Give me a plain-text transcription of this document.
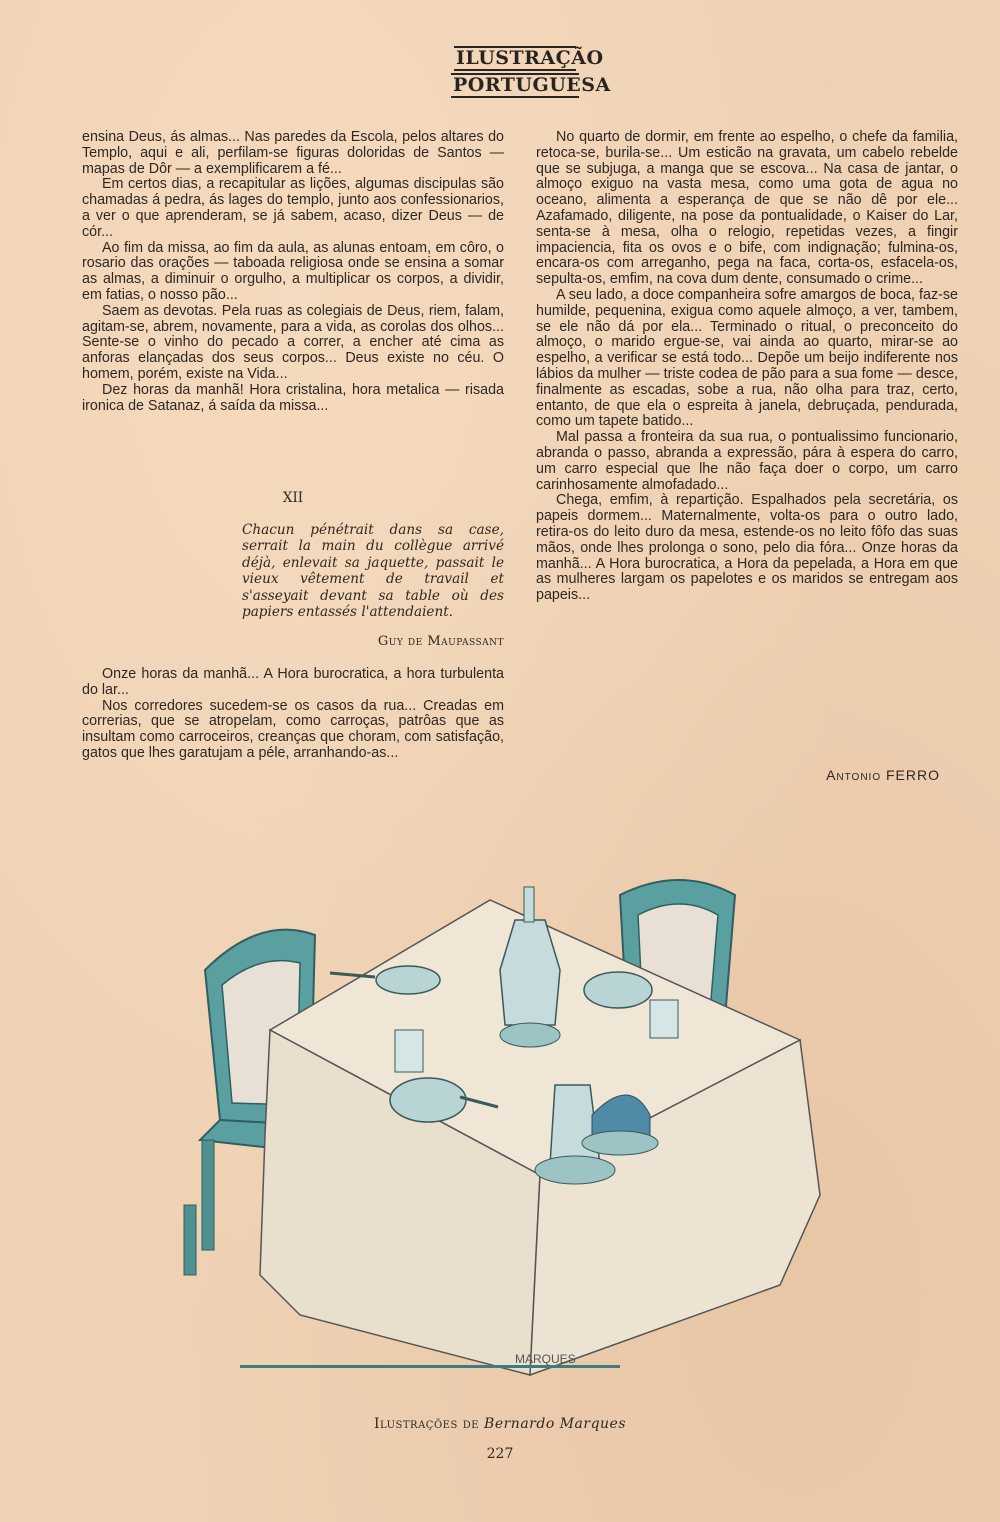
ILUSTRAÇÃO
PORTUGUESA

ensina Deus, ás almas... Nas paredes da Escola, pelos altares do Templo, aqui e ali, perfilam-se figuras doloridas de Santos — mapas de Dôr — a exemplificarem a fé...

Em certos dias, a recapitular as lições, algumas discipulas são chamadas á pedra, ás lages do templo, junto aos confessionarios, a ver o que aprenderam, se já sabem, acaso, dizer Deus — de cór...

Ao fim da missa, ao fim da aula, as alunas entoam, em côro, o rosario das orações — taboada religiosa onde se ensina a somar as almas, a diminuir o orgulho, a multiplicar os corpos, a dividir, em fatias, o nosso pão...

Saem as devotas. Pela ruas as colegiais de Deus, riem, falam, agitam-se, abrem, novamente, para a vida, as corolas dos olhos... Sente-se o vinho do pecado a correr, a encher até cima as anforas elançadas dos seus corpos... Deus existe no céu. O homem, porém, existe na Vida...

Dez horas da manhã! Hora cristalina, hora metalica — risada ironica de Satanaz, á saída da missa...

XII
Chacun pénétrait dans sa case, serrait la main du collègue arrivé déjà, enlevait sa jaquette, passait le vieux vêtement de travail et s'asseyait devant sa table où des papiers entassés l'attendaient.
Guy de Maupassant

Onze horas da manhã... A Hora burocratica, a hora turbulenta do lar...

Nos corredores sucedem-se os casos da rua... Creadas em correrias, que se atropelam, como carroças, patrôas que as insultam como carroceiros, creanças que choram, com satisfação, gatos que lhes garatujam a péle, arranhando-as...

No quarto de dormir, em frente ao espelho, o chefe da familia, retoca-se, burila-se... Um esticão na gravata, um cabelo rebelde que se subjuga, a manga que se escova... Na casa de jantar, o almoço exiguo na vasta mesa, como uma gota de agua no oceano, alimenta a esperança de que se não dê por ele... Azafamado, diligente, na pose da pontualidade, o Kaiser do Lar, senta-se à mesa, olha o relogio, repetidas vezes, a fingir impaciencia, fita os ovos e o bife, com indignação; fulmina-os, encara-os com arreganho, pega na faca, corta-os, esfacela-os, sepulta-os, emfim, na cova dum dente, consumado o crime...

A seu lado, a doce companheira sofre amargos de boca, faz-se humilde, pequenina, exigua como aquele almoço, a ver, tambem, se ele não dá por ela... Terminado o ritual, o preconceito do almoço, o marido ergue-se, vai ainda ao quarto, mirar-se ao espelho, a verificar se está todo... Depõe um beijo indiferente nos lábios da mulher — triste codea de pão para a sua fome — desce, finalmente as escadas, sobe a rua, não olha para traz, certo, entanto, de que ela o espreita à janela, debruçada, pendurada, como um tapete batido...

Mal passa a fronteira da sua rua, o pontualissimo funcionario, abranda o passo, abranda a expressão, pára à espera do carro, um carro especial que lhe não faça doer o corpo, um carro carinhosamente almofadado...

Chega, emfim, à repartição. Espalhados pela secretária, os papeis dormem... Maternalmente, volta-os para o outro lado, retira-os do leito duro da mesa, estende-os no leito fôfo das suas mãos, onde lhes prolonga o sono, pelo dia fóra... Onze horas da manhã... A Hora burocratica, a Hora da pepelada, a Hora em que as mulheres largam os papelotes e os maridos se entregam aos papeis...

Antonio FERRO
MARQUES
Ilustrações de Bernardo Marques
227
